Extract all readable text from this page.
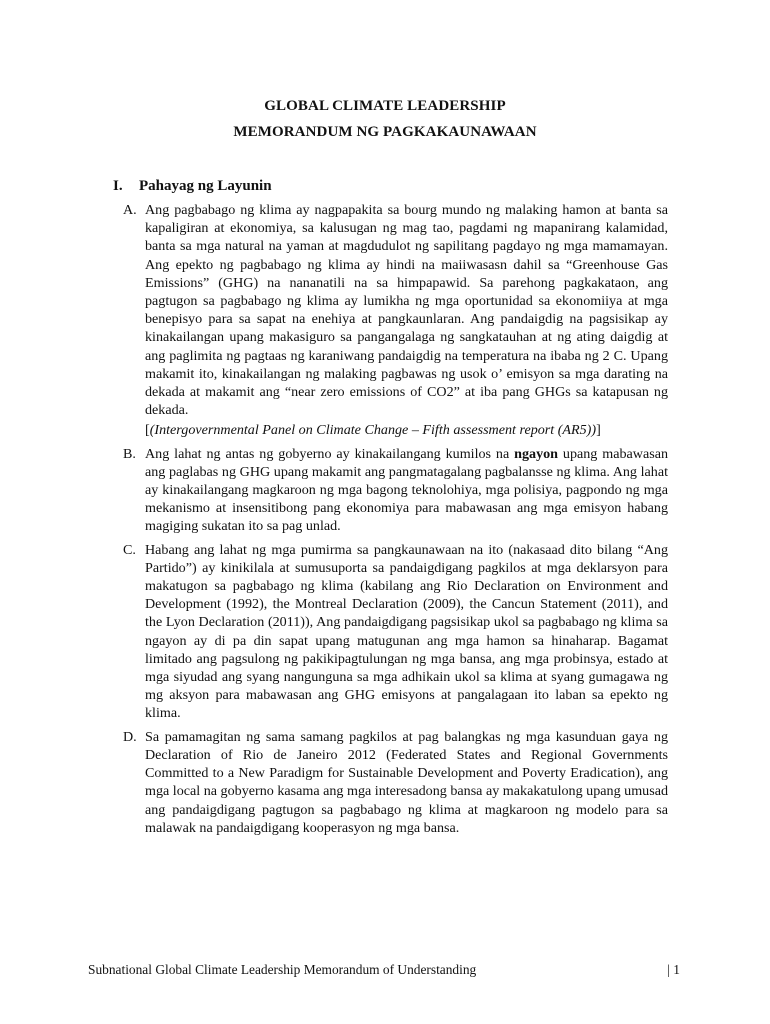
GLOBAL CLIMATE LEADERSHIP
MEMORANDUM NG PAGKAKAUNAWAAN
I. Pahayag ng Layunin
A. Ang pagbabago ng klima ay nagpapakita sa bourg mundo ng malaking hamon at banta sa kapaligiran at ekonomiya, sa kalusugan ng mag tao, pagdami ng mapanirang kalamidad, banta sa mga natural na yaman at magdudulot ng sapilitang pagdayo ng mga mamamayan. Ang epekto ng pagbabago ng klima ay hindi na maiiwasasn dahil sa “Greenhouse Gas Emissions” (GHG) na nananatili na sa himpapawid. Sa parehong pagkakataon, ang pagtugon sa pagbabago ng klima ay lumikha ng mga oportunidad sa ekonomiiya at mga benepisyo para sa sapat na enehiya at pangkaunlaran. Ang pandaigdig na pagsisikap ay kinakailangan upang makasiguro sa pangangalaga ng sangkatauhan at ng ating daigdig at ang paglimita ng pagtaas ng karaniwang pandaigdig na temperatura na ibaba ng 2 C. Upang makamit ito, kinakailangan ng malaking pagbawas ng usok o’ emisyon sa mga darating na dekada at makamit ang “near zero emissions of CO2” at iba pang GHGs sa katapusan ng dekada.

[(Intergovernmental Panel on Climate Change – Fifth assessment report (AR5))]

B. Ang lahat ng antas ng gobyerno ay kinakailangang kumilos na ngayon upang mabawasan ang paglabas ng GHG upang makamit ang pangmatagalang pagbalansse ng klima. Ang lahat ay kinakailangang magkaroon ng mga bagong teknolohiya, mga polisiya, pagpondo ng mga mekanismo at insensitibong pang ekonomiya para mabawasan ang mga emisyon habang magiging sukatan ito sa pag unlad.

C. Habang ang lahat ng mga pumirma sa pangkaunawaan na ito (nakasaad dito bilang “Ang Partido”) ay kinikilala at sumusuporta sa pandaigdigang pagkilos at mga deklarsyon para makatugon sa pagbabago ng klima (kabilang ang Rio Declaration on Environment and Development (1992), the Montreal Declaration (2009), the Cancun Statement (2011), and the Lyon Declaration (2011)), Ang pandaigdigang pagsisikap ukol sa pagbabago ng klima sa ngayon ay di pa din sapat upang matugunan ang mga hamon sa hinaharap. Bagamat limitado ang pagsulong ng pakikipagtulungan ng mga bansa, ang mga probinsya, estado at mga siyudad ang syang nangunguna sa mga adhikain ukol sa klima at syang gumagawa ng mg aksyon para mabawasan ang GHG emisyons at pangalagaan ito laban sa epekto ng klima.

D. Sa pamamagitan ng sama samang pagkilos at pag balangkas ng mga kasunduan gaya ng Declaration of Rio de Janeiro 2012 (Federated States and Regional Governments Committed to a New Paradigm for Sustainable Development and Poverty Eradication), ang mga local na gobyerno kasama ang mga interesadong bansa ay makakatulong upang umusad ang pandaigdigang pagtugon sa pagbabago ng klima at magkaroon ng modelo para sa malawak na pandaigdigang kooperasyon ng mga bansa.

Subnational Global Climate Leadership Memorandum of Understanding	| 1
